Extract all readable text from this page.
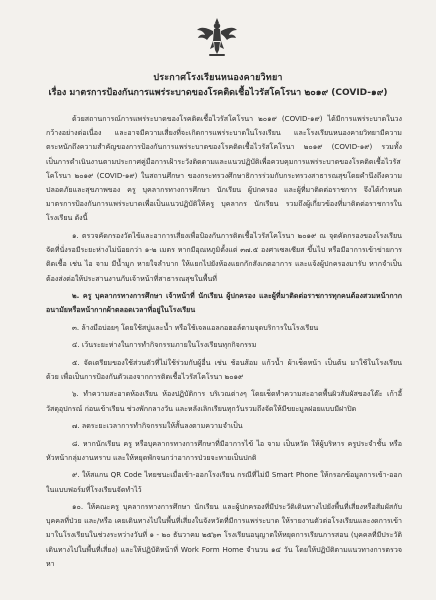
ประกาศโรงเรียนหนองคายวิทยา
เรื่อง มาตรการป้องกันการแพร่ระบาดของโรคติดเชื้อไวรัสโคโรนา ๒๐๑๙ (COVID-๑๙)

ด้วยสถานการณ์การแพร่ระบาดของโรคติดเชื้อไวรัสโคโรนา ๒๐๑๙ (COVID-๑๙) ได้มีการแพร่ระบาดในวงกว้างอย่างต่อเนื่อง และอาจมีความเสี่ยงที่จะเกิดการแพร่ระบาดในโรงเรียน และโรงเรียนหนองคายวิทยามีความตระหนักถึงความสำคัญของการป้องกันการแพร่ระบาดของโรคติดเชื้อไวรัสโคโรนา ๒๐๑๙ (COVID-๑๙) รวมทั้งเป็นการดำเนินงานตามประกาศคู่มือการเฝ้าระวังติดตามและแนวปฏิบัติเพื่อควบคุมการแพร่ระบาดของโรคติดเชื้อไวรัสโคโรนา ๒๐๑๙ (COVID-๑๙) ในสถานศึกษา ของกระทรวงศึกษาธิการร่วมกับกระทรวงสาธารณสุขโดยคำนึงถึงความปลอดภัยและสุขภาพของ ครู บุคลากรทางการศึกษา นักเรียน ผู้ปกครอง และผู้ที่มาติดต่อราชการ จึงได้กำหนดมาตรการป้องกันการแพร่ระบาดเพื่อเป็นแนวปฏิบัติให้ครู บุคลากร นักเรียน รวมถึงผู้เกี่ยวข้องที่มาติดต่อราชการในโรงเรียน ดังนี้

๑. ตรวจคัดกรองวัดไข้และอาการเสี่ยงเพื่อป้องกันการติดเชื้อไวรัสโคโรนา ๒๐๑๙ ณ จุดคัดกรองของโรงเรียน จัดที่นั่งรอมีระยะห่างไม่น้อยกว่า ๑-๒ เมตร หากมีอุณหภูมิตั้งแต่ ๓๗.๕ องศาเซลเซียส ขึ้นไป หรือมีอาการเข้าข่ายการติดเชื้อ เช่น ไอ จาม มีน้ำมูก หายใจลำบาก ให้แยกไปยังห้องแยกกักสังเกตอาการ และแจ้งผู้ปกครองมารับ หากจำเป็นต้องส่งต่อให้ประสานงานกับเจ้าหน้าที่สาธารณสุขในพื้นที่

๒. ครู บุคลากรทางการศึกษา เจ้าหน้าที่ นักเรียน ผู้ปกครอง และผู้ที่มาติดต่อราชการทุกคนต้องสวมหน้ากากอนามัยหรือหน้ากากผ้าตลอดเวลาที่อยู่ในโรงเรียน

๓. ล้างมือบ่อยๆ โดยใช้สบู่และน้ำ หรือใช้เจลแอลกอฮอล์ตามจุดบริการในโรงเรียน

๔. เว้นระยะห่างในการทำกิจกรรมภายในโรงเรียนทุกกิจกรรม

๕. จัดเตรียมของใช้ส่วนตัวที่ไม่ใช้ร่วมกับผู้อื่น เช่น ช้อนส้อม แก้วน้ำ ผ้าเช็ดหน้า เป็นต้น มาใช้ในโรงเรียน ด้วย เพื่อเป็นการป้องกันตัวเองจากการติดเชื้อไวรัสโคโรนา ๒๐๑๙

๖. ทำความสะอาดห้องเรียน ห้องปฏิบัติการ บริเวณต่างๆ โดยเช็ดทำความสะอาดพื้นผิวสัมผัสของโต๊ะ เก้าอี้ วัสดุอุปกรณ์ ก่อนเข้าเรียน ช่วงพักกลางวัน และหลังเลิกเรียนทุกวันรวมถึงจัดให้มีขยะมูลฝอยแบบมีฝาปิด

๗. ลดระยะเวลาการทำกิจกรรมให้สั้นลงตามความจำเป็น

๘. หากนักเรียน ครู หรือบุคลากรทางการศึกษาที่มีอาการไข้ ไอ จาม เป็นหวัด ให้ผู้บริหาร ครูประจำชั้น หรือหัวหน้ากลุ่มงานทราบ และให้หยุดพักจนกว่าอาการป่วยจะหายเป็นปกติ

๙. ให้สแกน QR Code ไทยชนะเมื่อเข้า-ออกโรงเรียน กรณีที่ไม่มี Smart Phone ให้กรอกข้อมูลการเข้า-ออกในแบบฟอร์มที่โรงเรียนจัดทำไว้

๑๐. ให้คณะครู บุคลากรทางการศึกษา นักเรียน และผู้ปกครองที่มีประวัติเดินทางไปยังพื้นที่เสี่ยงหรือสัมผัสกับบุคคลที่ป่วย และ/หรือ เคยเดินทางไปในพื้นที่เสี่ยงในจังหวัดที่มีการแพร่ระบาด ให้รายงานตัวต่อโรงเรียนและงดการเข้ามาในโรงเรียนในช่วงระหว่างวันที่ ๑ - ๒๐ ธันวาคม ๒๕๖๓ โรงเรียนอนุญาตให้หยุดการเรียนการสอน (บุคคลที่มีประวัติเดินทางไปในพื้นที่เสี่ยง) และให้ปฏิบัติหน้าที่ Work Form Home จำนวน ๑๔ วัน โดยให้ปฏิบัติตามแนวทางการตรวจหา
